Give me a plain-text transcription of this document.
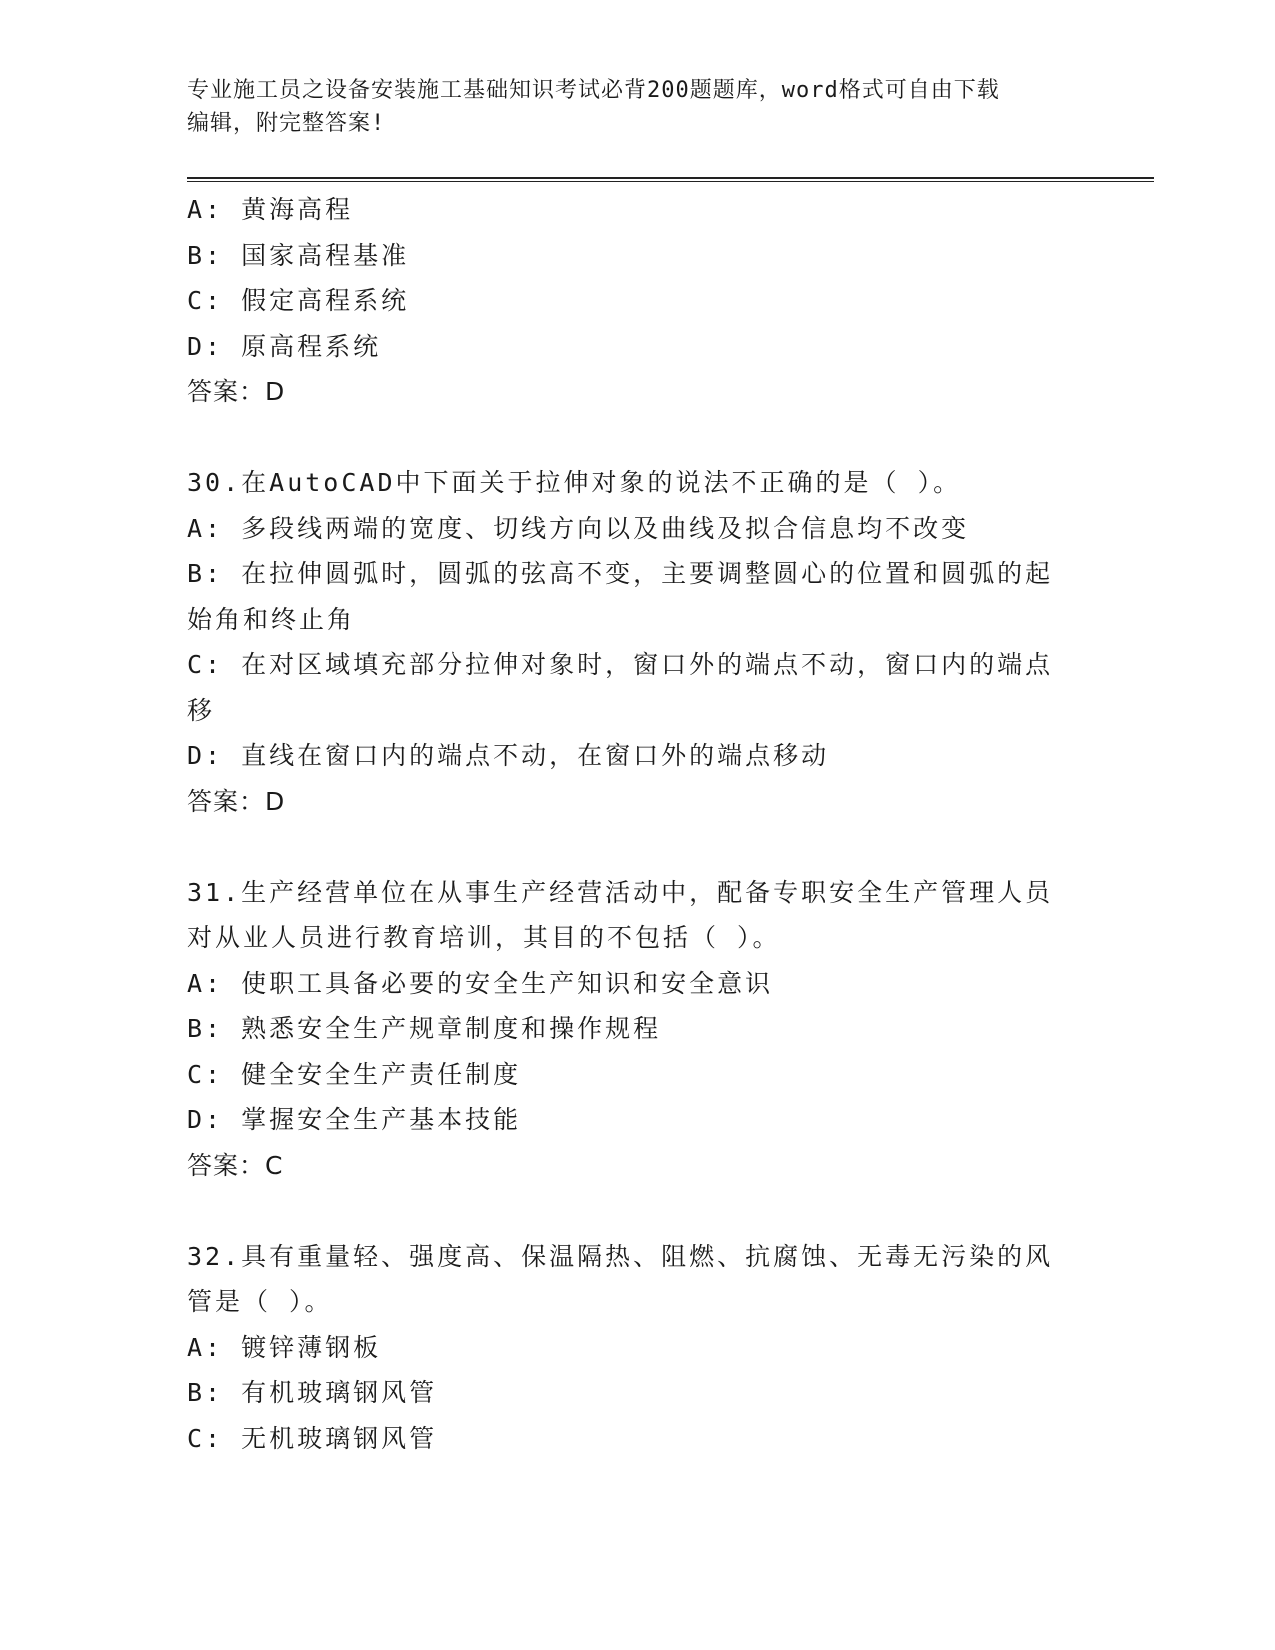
专业施工员之设备安装施工基础知识考试必背200题题库，word格式可自由下载
编辑，附完整答案!
A: 黄海高程
B: 国家高程基准
C: 假定高程系统
D: 原高程系统
答案：D
30.在AutoCAD中下面关于拉伸对象的说法不正确的是（ ）。
A: 多段线两端的宽度、切线方向以及曲线及拟合信息均不改变
B: 在拉伸圆弧时，圆弧的弦高不变，主要调整圆心的位置和圆弧的起
始角和终止角
C: 在对区域填充部分拉伸对象时，窗口外的端点不动，窗口内的端点
移
D: 直线在窗口内的端点不动，在窗口外的端点移动
答案：D
31.生产经营单位在从事生产经营活动中，配备专职安全生产管理人员
对从业人员进行教育培训，其目的不包括（ ）。
A: 使职工具备必要的安全生产知识和安全意识
B: 熟悉安全生产规章制度和操作规程
C: 健全安全生产责任制度
D: 掌握安全生产基本技能
答案：C
32.具有重量轻、强度高、保温隔热、阻燃、抗腐蚀、无毒无污染的风
管是（ ）。
A: 镀锌薄钢板
B: 有机玻璃钢风管
C: 无机玻璃钢风管
